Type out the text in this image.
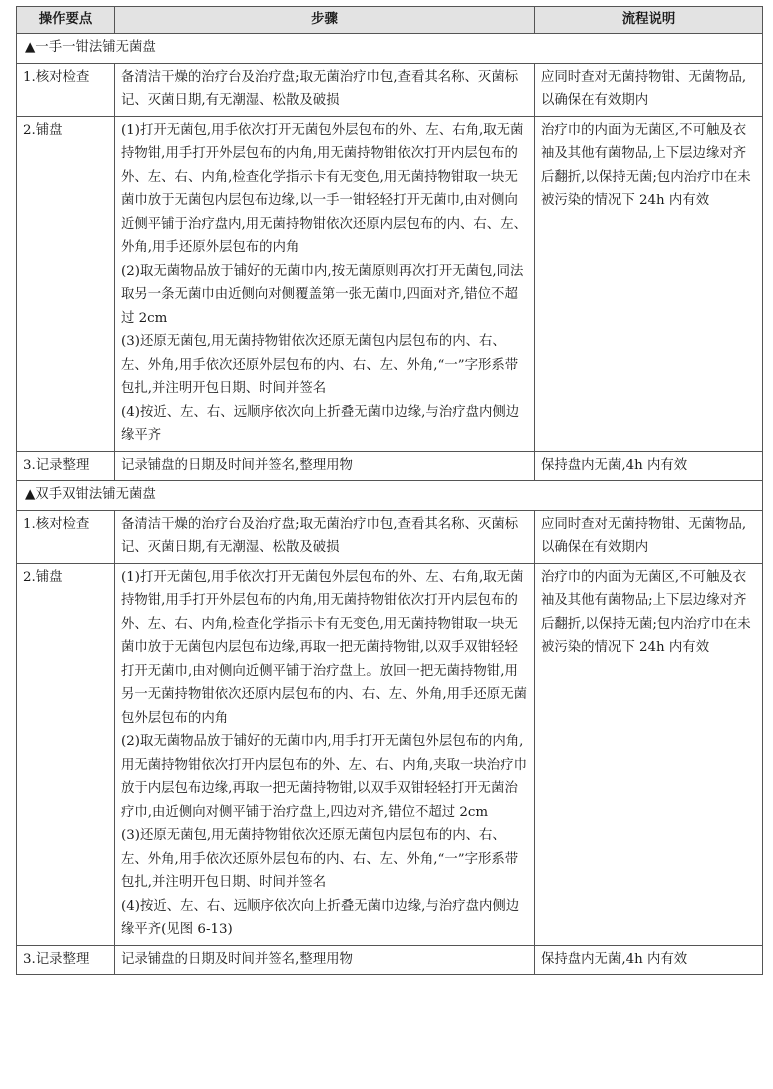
操作要点	步骤	流程说明
▲一手一钳法铺无菌盘		
1.核对检查	备清洁干燥的治疗台及治疗盘;取无菌治疗巾包,查看其名称、灭菌标记、灭菌日期,有无潮湿、松散及破损	应同时查对无菌持物钳、无菌物品,以确保在有效期内
2.铺盘	(1)打开无菌包,用手依次打开无菌包外层包布的外、左、右角,取无菌持物钳,用手打开外层包布的内角,用无菌持物钳依次打开内层包布的外、左、右、内角,检查化学指示卡有无变色,用无菌持物钳取一块无菌巾放于无菌包内层包布边缘,以一手一钳轻轻打开无菌巾,由对侧向近侧平铺于治疗盘内,用无菌持物钳依次还原内层包布的内、右、左、外角,用手还原外层包布的内角
(2)取无菌物品放于铺好的无菌巾内,按无菌原则再次打开无菌包,同法取另一条无菌巾由近侧向对侧覆盖第一张无菌巾,四面对齐,错位不超过 2cm
(3)还原无菌包,用无菌持物钳依次还原无菌包内层包布的内、右、左、外角,用手依次还原外层包布的内、右、左、外角,“一”字形系带包扎,并注明开包日期、时间并签名
(4)按近、左、右、远顺序依次向上折叠无菌巾边缘,与治疗盘内侧边缘平齐	治疗巾的内面为无菌区,不可触及衣袖及其他有菌物品,上下层边缘对齐后翻折,以保持无菌;包内治疗巾在未被污染的情况下 24h 内有效
3.记录整理	记录铺盘的日期及时间并签名,整理用物	保持盘内无菌,4h 内有效
▲双手双钳法铺无菌盘		
1.核对检查	备清洁干燥的治疗台及治疗盘;取无菌治疗巾包,查看其名称、灭菌标记、灭菌日期,有无潮湿、松散及破损	应同时查对无菌持物钳、无菌物品,以确保在有效期内
2.铺盘	(1)打开无菌包,用手依次打开无菌包外层包布的外、左、右角,取无菌持物钳,用手打开外层包布的内角,用无菌持物钳依次打开内层包布的外、左、右、内角,检查化学指示卡有无变色,用无菌持物钳取一块无菌巾放于无菌包内层包布边缘,再取一把无菌持物钳,以双手双钳轻轻打开无菌巾,由对侧向近侧平铺于治疗盘上。放回一把无菌持物钳,用另一无菌持物钳依次还原内层包布的内、右、左、外角,用手还原无菌包外层包布的内角
(2)取无菌物品放于铺好的无菌巾内,用手打开无菌包外层包布的内角,用无菌持物钳依次打开内层包布的外、左、右、内角,夹取一块治疗巾放于内层包布边缘,再取一把无菌持物钳,以双手双钳轻轻打开无菌治疗巾,由近侧向对侧平铺于治疗盘上,四边对齐,错位不超过 2cm
(3)还原无菌包,用无菌持物钳依次还原无菌包内层包布的内、右、左、外角,用手依次还原外层包布的内、右、左、外角,“一”字形系带包扎,并注明开包日期、时间并签名
(4)按近、左、右、远顺序依次向上折叠无菌巾边缘,与治疗盘内侧边缘平齐(见图 6-13)	治疗巾的内面为无菌区,不可触及衣袖及其他有菌物品;上下层边缘对齐后翻折,以保持无菌;包内治疗巾在未被污染的情况下 24h 内有效
3.记录整理	记录铺盘的日期及时间并签名,整理用物	保持盘内无菌,4h 内有效
